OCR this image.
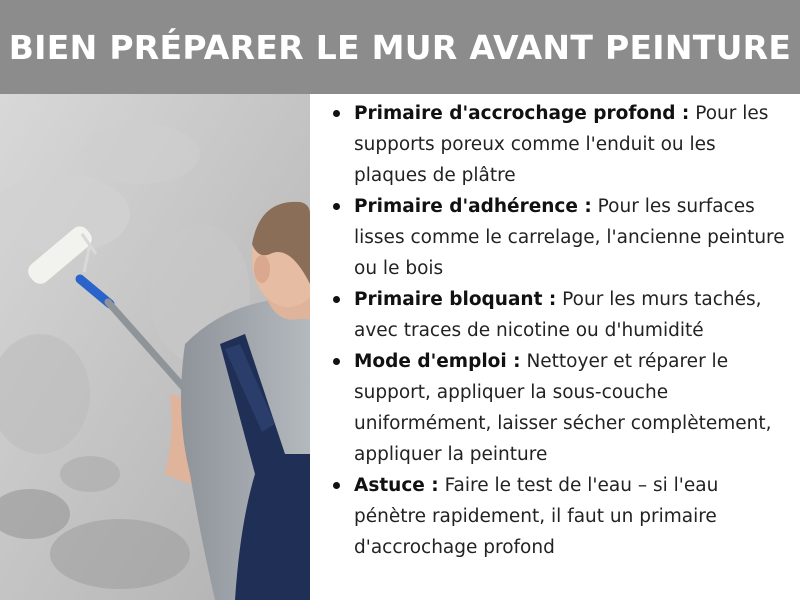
BIEN PRÉPARER LE MUR AVANT PEINTURE
Primaire d'accrochage profond : Pour les supports poreux comme l'enduit ou les plaques de plâtre
Primaire d'adhérence : Pour les surfaces lisses comme le carrelage, l'ancienne peinture ou le bois
Primaire bloquant : Pour les murs tachés, avec traces de nicotine ou d'humidité
Mode d'emploi : Nettoyer et réparer le support, appliquer la sous-couche uniformément, laisser sécher complètement, appliquer la peinture
Astuce : Faire le test de l'eau – si l'eau pénètre rapidement, il faut un primaire d'accrochage profond
